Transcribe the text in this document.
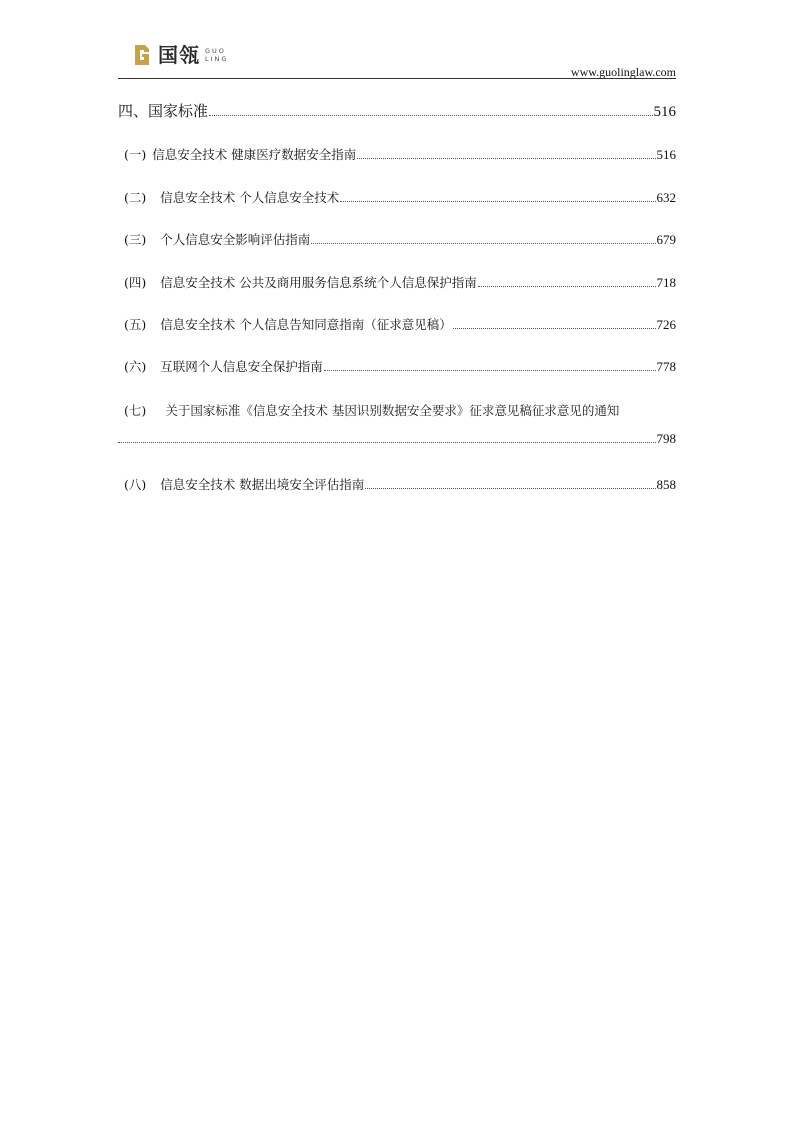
国瓴 GUO
LING
www.guolinglaw.com
四、国家标准	516
(一) 信息安全技术 健康医疗数据安全指南	516
(二) 信息安全技术 个人信息安全技术	632
(三) 个人信息安全影响评估指南	679
(四) 信息安全技术 公共及商用服务信息系统个人信息保护指南	718
(五) 信息安全技术 个人信息告知同意指南（征求意见稿）	726
(六) 互联网个人信息安全保护指南	778
(七) 关于国家标准《信息安全技术 基因识别数据安全要求》征求意见稿征求意见的通知
798
(八) 信息安全技术 数据出境安全评估指南	858
